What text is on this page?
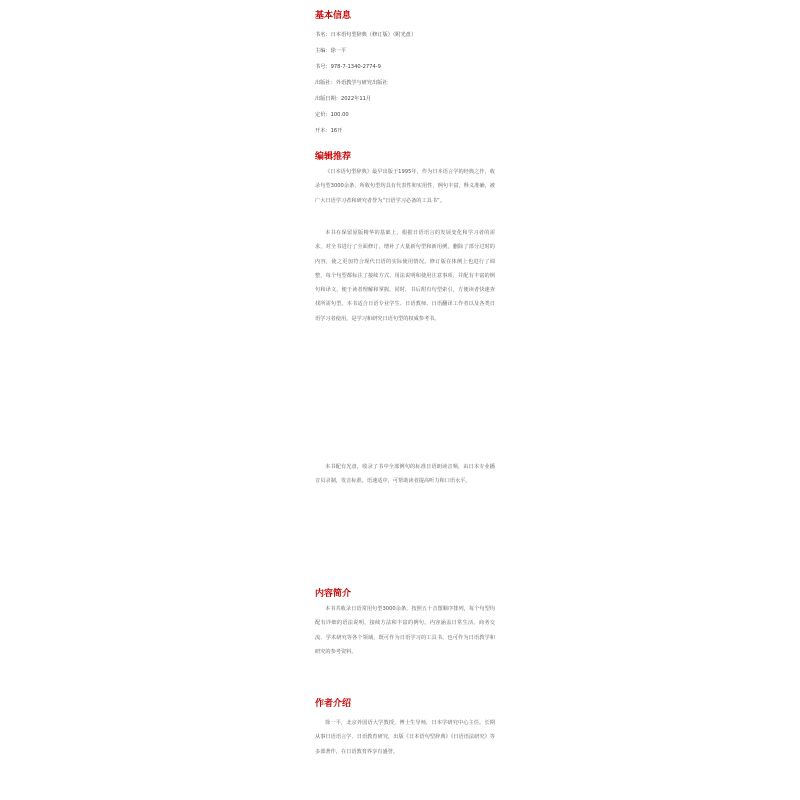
基本信息
书名：日本语句型辞典（修订版）（附光盘）
主编：徐一平
书号：978-7-1340-2774-9
出版社：外语教学与研究出版社
出版日期：2022年11月
定价：100.00
开本：16开
编辑推荐

《日本语句型辞典》最早出版于1995年，作为日本语言学的经典之作，收录句型3000余条，所收句型均具有代表性和实用性，例句丰富，释义准确，被广大日语学习者和研究者誉为“日语学习必备的工具书”。

本书在保留原版精华的基础上，根据日语语言的发展变化和学习者的需求，对全书进行了全面修订，增补了大量新句型和新用例，删除了部分过时的内容，使之更加符合现代日语的实际使用情况。修订版在体例上也进行了调整，每个句型都标注了接续方式、用法说明和使用注意事项，并配有丰富的例句和译文，便于读者理解和掌握。同时，书后附有句型索引，方便读者快速查找所需句型。本书适合日语专业学生、日语教师、日语翻译工作者以及各类日语学习者使用，是学习和研究日语句型的权威参考书。

本书配有光盘，收录了书中全部例句的标准日语朗读音频，由日本专业播音员录制，发音标准，语速适中，可帮助读者提高听力和口语水平。

内容简介

本书共收录日语常用句型3000余条，按照五十音图顺序排列，每个句型均配有详细的语法说明、接续方法和丰富的例句。内容涵盖日常生活、商务交流、学术研究等各个领域，既可作为日语学习的工具书，也可作为日语教学和研究的参考资料。

作者介绍

徐一平，北京外国语大学教授，博士生导师，日本学研究中心主任。长期从事日语语言学、日语教育研究，出版《日本语句型辞典》《日语语法研究》等多部著作，在日语教育界享有盛誉。
